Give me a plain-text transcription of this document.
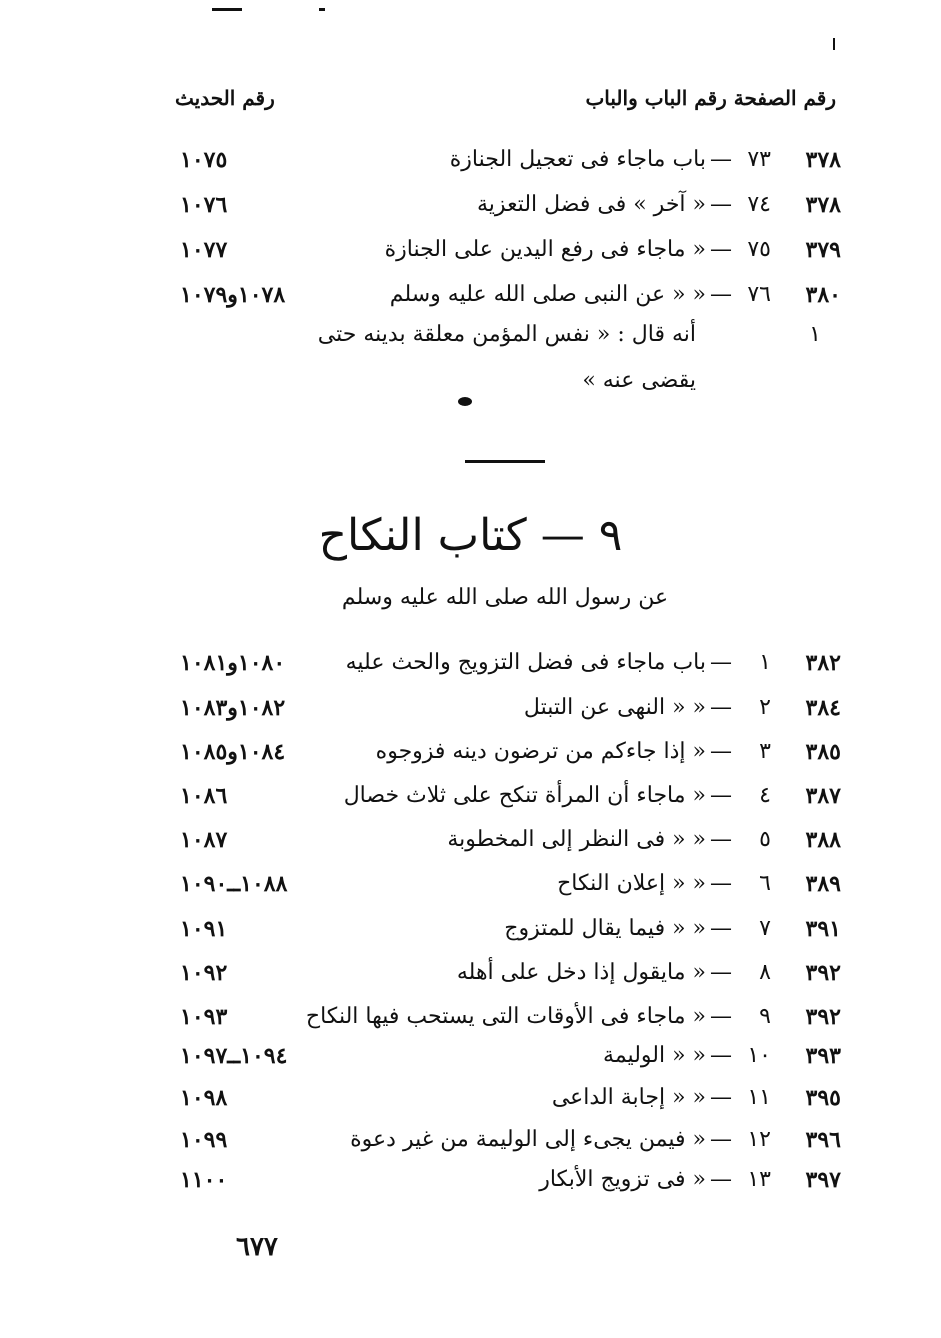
رقم الصفحة رقم الباب والباب
رقم الحديث
٣٧٨
٧٣
—
باب ماجاء فى تعجيل الجنازة
١٠٧٥
٣٧٨
٧٤
—
« آخر » فى فضل التعزية
١٠٧٦
٣٧٩
٧٥
—
« ماجاء فى رفع اليدين على الجنازة
١٠٧٧
٣٨٠
٧٦
—
« « عن النبى صلى الله عليه وسلم
١٠٧٨و١٠٧٩
١
أنه قال : « نفس المؤمن معلقة بدينه حتى
يقضى عنه »
٩ — كتاب النكاح
عن رسول الله صلى الله عليه وسلم
٣٨٢
١
—
باب ماجاء فى فضل التزويج والحث عليه
١٠٨٠و١٠٨١
٣٨٤
٢
—
« « النهى عن التبتل
١٠٨٢و١٠٨٣
٣٨٥
٣
—
« إذا جاءكم من ترضون دينه فزوجوه
١٠٨٤و١٠٨٥
٣٨٧
٤
—
« ماجاء أن المرأة تنكح على ثلاث خصال
١٠٨٦
٣٨٨
٥
—
« « فى النظر إلى المخطوبة
١٠٨٧
٣٨٩
٦
—
« « إعلان النكاح
١٠٨٨ــ١٠٩٠
٣٩١
٧
—
« « فيما يقال للمتزوج
١٠٩١
٣٩٢
٨
—
« مايقول إذا دخل على أهله
١٠٩٢
٣٩٢
٩
—
« ماجاء فى الأوقات التى يستحب فيها النكاح
١٠٩٣
٣٩٣
١٠
—
« « الوليمة
١٠٩٤ــ١٠٩٧
٣٩٥
١١
—
« « إجابة الداعى
١٠٩٨
٣٩٦
١٢
—
« فيمن يجىء إلى الوليمة من غير دعوة
١٠٩٩
٣٩٧
١٣
—
« فى تزويج الأبكار
١١٠٠
٦٧٧
